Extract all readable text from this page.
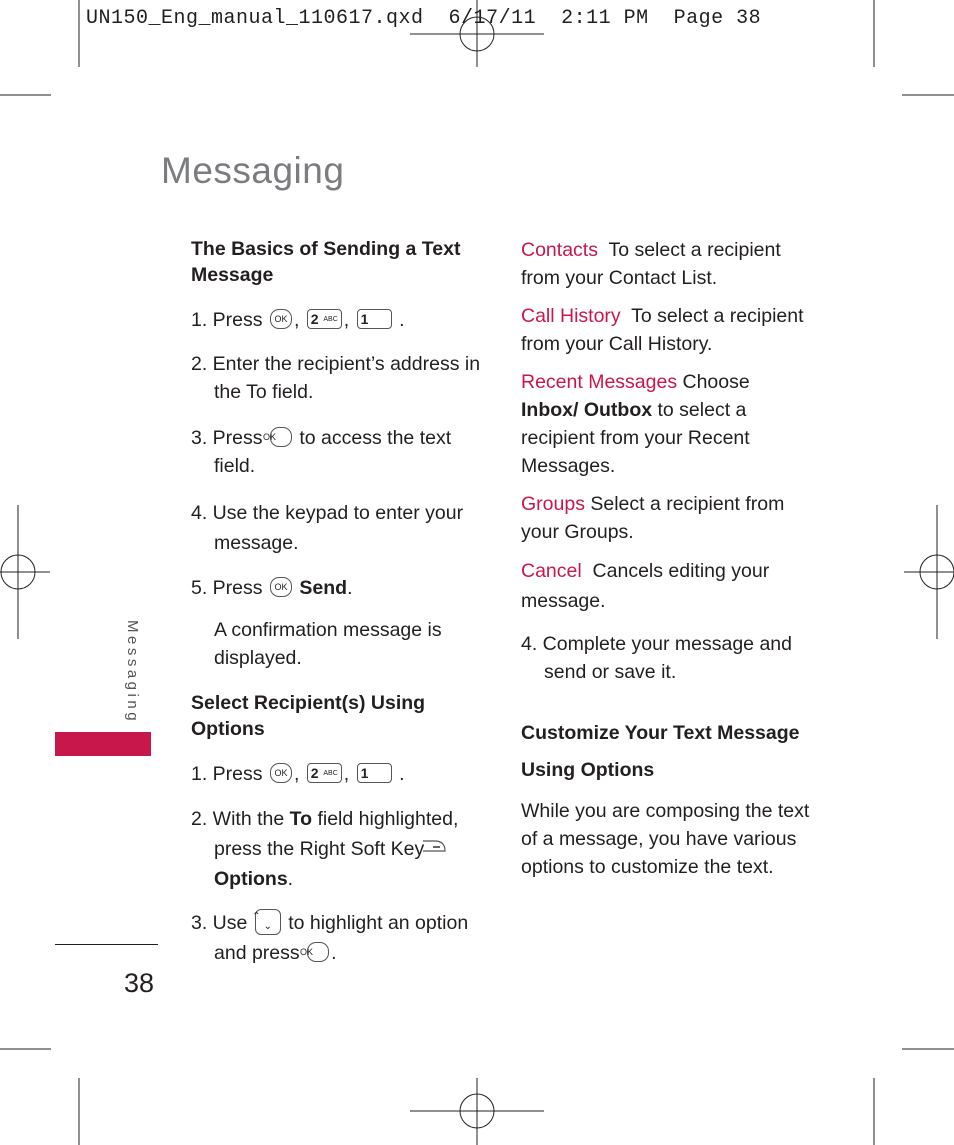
UN150_Eng_manual_110617.qxd  6/17/11  2:11 PM  Page 38
Messaging
Messaging
38

The Basics of Sending a Text Message

1. Press OK , 2 ABC , 1 .

2. Enter the recipient’s address in the To field.

3. Press OK to access the text field.

4. Use the keypad to enter your message.

5. Press OK Send.

A confirmation message is displayed.

Select Recipient(s) Using Options

1. Press OK , 2 ABC , 1 .

2. With the To field highlighted, press the Right Soft Key  Options.

3. Use ⌃
⌄ to highlight an option and press OK .

Contacts To select a recipient from your Contact List.

Call History To select a recipient from your Call History.

Recent Messages Choose Inbox/ Outbox to select a recipient from your Recent Messages.

Groups Select a recipient from your Groups.

Cancel Cancels editing your message.

4. Complete your message and send or save it.

Customize Your Text Message

Using Options

While you are composing the text of a message, you have various options to customize the text.
